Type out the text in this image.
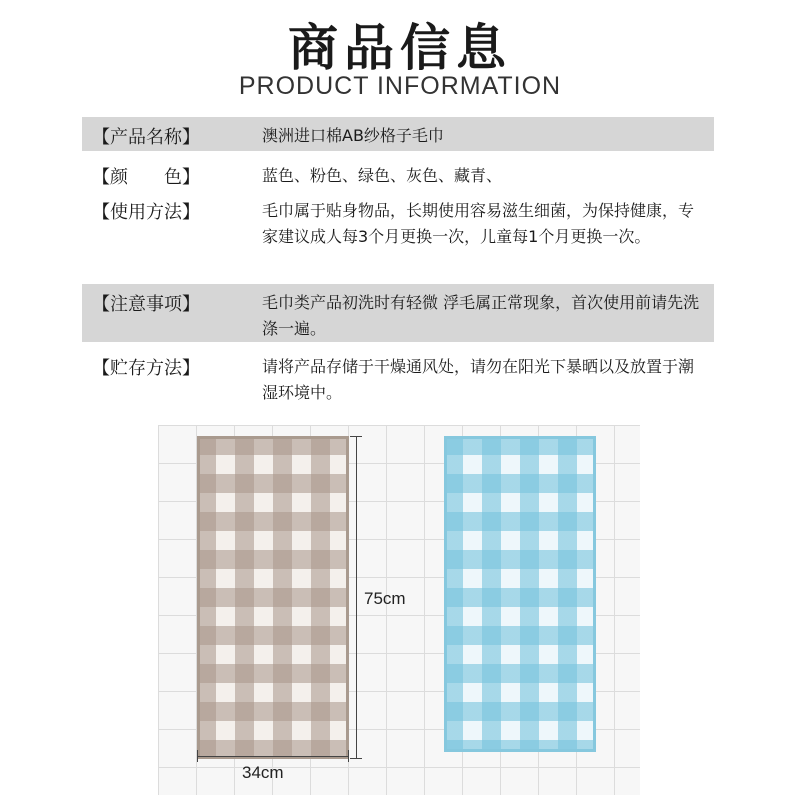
商品信息
PRODUCT INFORMATION
【产品名称】	澳洲进口棉AB纱格子毛巾
【颜　　色】	蓝色、粉色、绿色、灰色、藏青、
【使用方法】	毛巾属于贴身物品，长期使用容易滋生细菌，为保持健康，专家建议成人每3个月更换一次，儿童每1个月更换一次。
【注意事项】	毛巾类产品初洗时有轻微 浮毛属正常现象，首次使用前请先洗涤一遍。
【贮存方法】	请将产品存储于干燥通风处，请勿在阳光下暴晒以及放置于潮湿环境中。
75cm
34cm
